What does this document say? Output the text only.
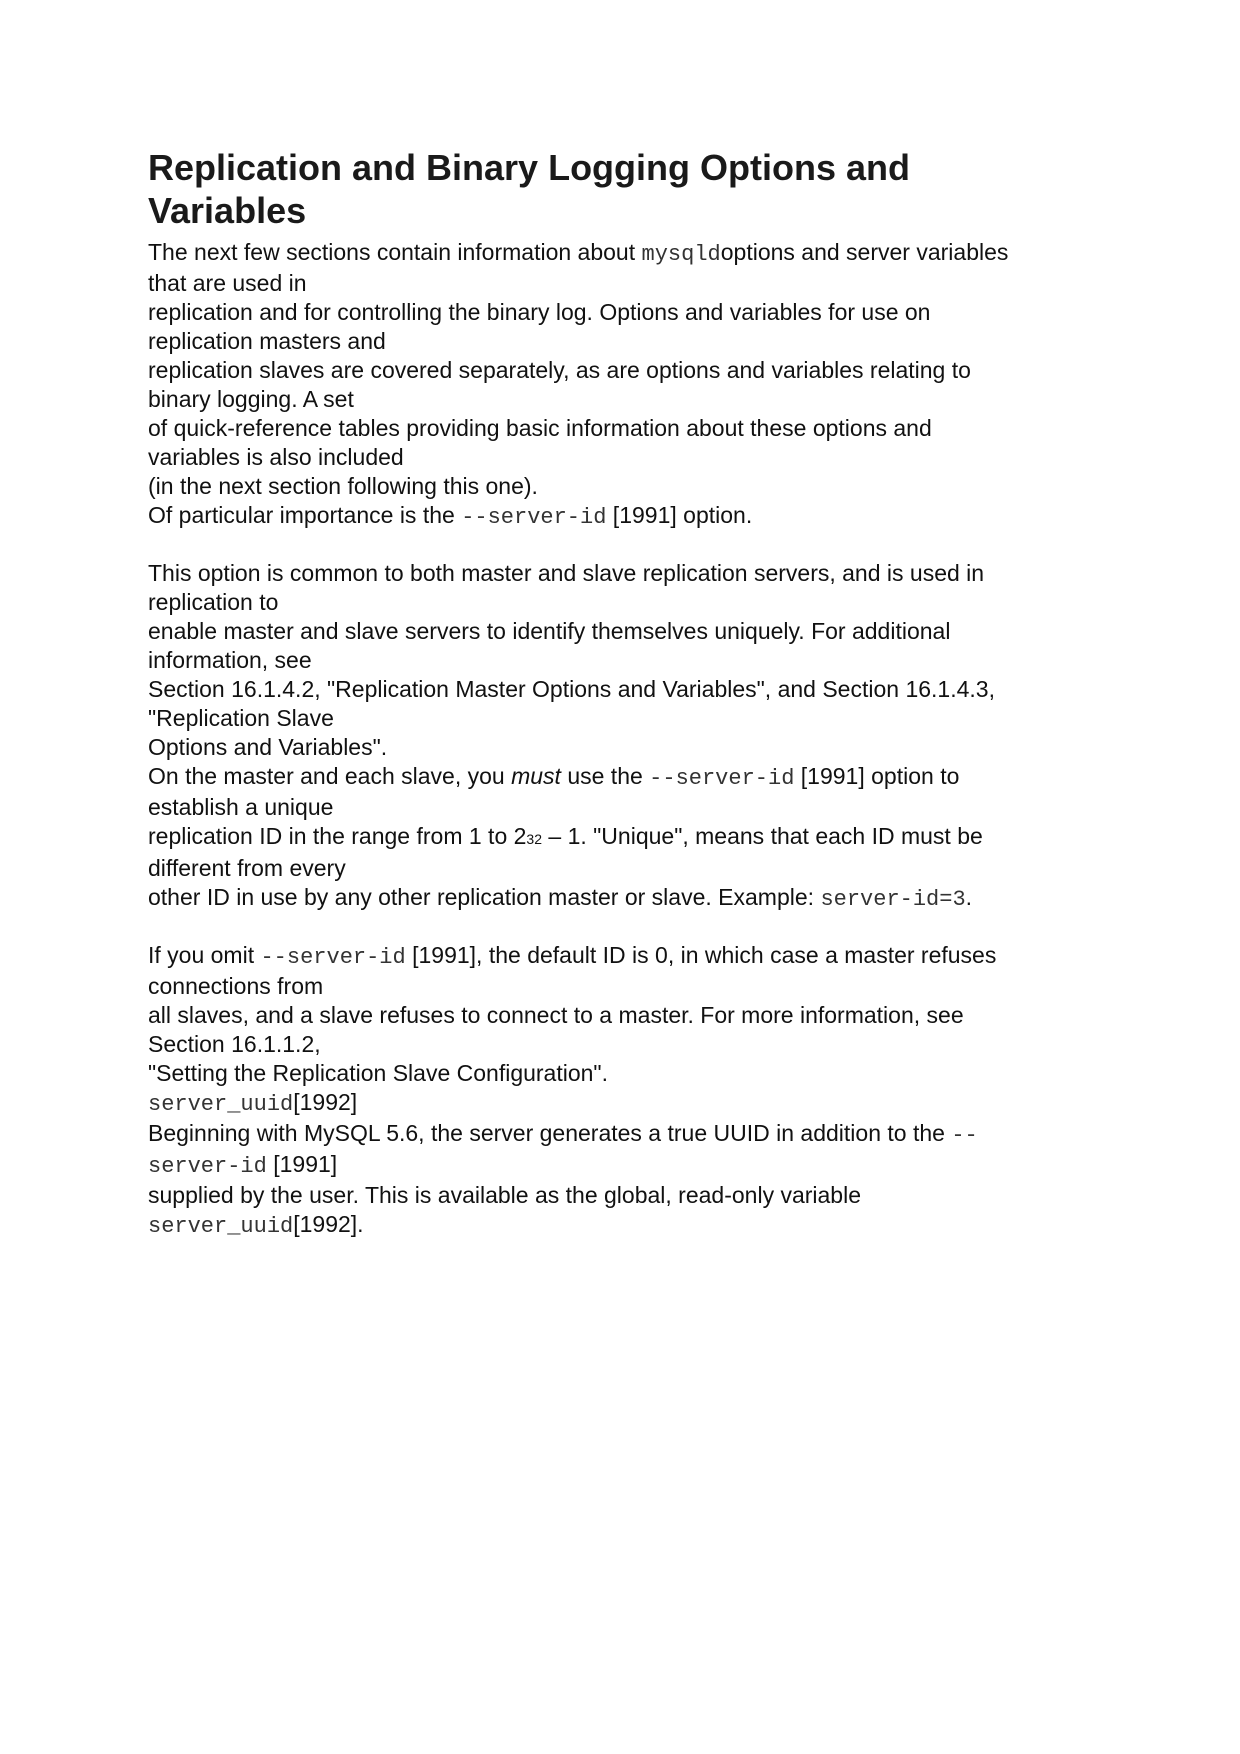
Replication and Binary Logging Options and
Variables
The next few sections contain information about mysqldoptions and server variables
that are used in
replication and for controlling the binary log. Options and variables for use on
replication masters and
replication slaves are covered separately, as are options and variables relating to
binary logging. A set
of quick-reference tables providing basic information about these options and
variables is also included
(in the next section following this one).
Of particular importance is the --server-id [1991] option.
This option is common to both master and slave replication servers, and is used in
replication to
enable master and slave servers to identify themselves uniquely. For additional
information, see
Section 16.1.4.2, "Replication Master Options and Variables", and Section 16.1.4.3,
"Replication Slave
Options and Variables".
On the master and each slave, you must use the --server-id [1991] option to
establish a unique
replication ID in the range from 1 to 232 – 1. "Unique", means that each ID must be
different from every
other ID in use by any other replication master or slave. Example: server-id=3.
If you omit --server-id [1991], the default ID is 0, in which case a master refuses
connections from
all slaves, and a slave refuses to connect to a master. For more information, see
Section 16.1.1.2,
"Setting the Replication Slave Configuration".
server_uuid[1992]
Beginning with MySQL 5.6, the server generates a true UUID in addition to the --
server-id [1991]
supplied by the user. This is available as the global, read-only variable
server_uuid[1992].
